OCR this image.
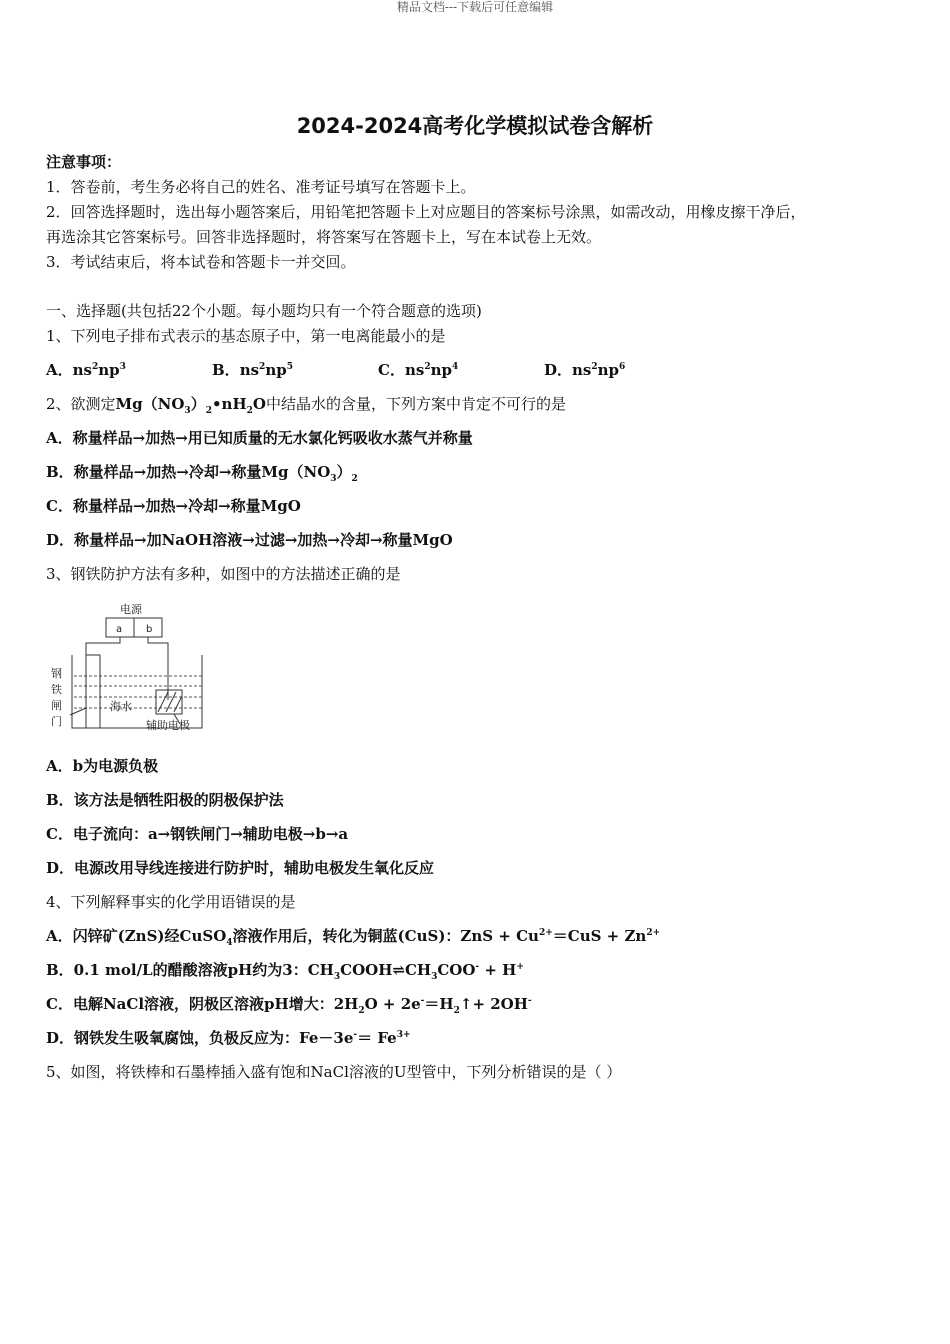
精品文档---下载后可任意编辑
2024-2024高考化学模拟试卷含解析
注意事项：
1．答卷前，考生务必将自己的姓名、准考证号填写在答题卡上。
2．回答选择题时，选出每小题答案后，用铅笔把答题卡上对应题目的答案标号涂黑，如需改动，用橡皮擦干净后，
再选涂其它答案标号。回答非选择题时，将答案写在答题卡上，写在本试卷上无效。
3．考试结束后，将本试卷和答题卡一并交回。
一、选择题(共包括22个小题。每小题均只有一个符合题意的选项)
1、下列电子排布式表示的基态原子中，第一电离能最小的是
A．$ns^2np^3$	B．$ns^2np^5$	C．$ns^2np^4$	D．$ns^2np^6$
2、欲测定$Mg(NO_3)_2•nH_2O$中结晶水的含量，下列方案中肯定不可行的是
A．称量样品→加热→用已知质量的无水氯化钙吸收水蒸气并称量
B．称量样品→加热→冷却→称量$Mg(NO_3)_2$
C．称量样品→加热→冷却→称量MgO
D．称量样品→加NaOH溶液→过滤→加热→冷却→称量MgO
3、钢铁防护方法有多种，如图中的方法描述正确的是
电源
a b
钢
铁
闸
门
海水
辅助电极
A．b为电源负极
B．该方法是牺牲阳极的阴极保护法
C．电子流向：a→钢铁闸门→辅助电极→b→a
D．电源改用导线连接进行防护时，辅助电极发生氧化反应
4、下列解释事实的化学用语错误的是
A．闪锌矿(ZnS)经CuSO$_4$溶液作用后，转化为铜蓝(CuS)：ZnS + $Cu^{2+}=CuS + Zn^{2+}$
B．0.1 mol/L的醋酸溶液pH约为3：$CH_3COOH\rightleftharpoons CH_3COO^- + H^+$
C．电解NaCl溶液，阴极区溶液pH增大：$2H_2O$ + $2e^-=H_2↑+ 2OH^-$
D．钢铁发生吸氧腐蚀，负极反应为：$Fe-3e^-= Fe^{3+}$
5、如图，将铁棒和石墨棒插入盛有饱和NaCl溶液的U型管中，下列分析错误的是（ ）
